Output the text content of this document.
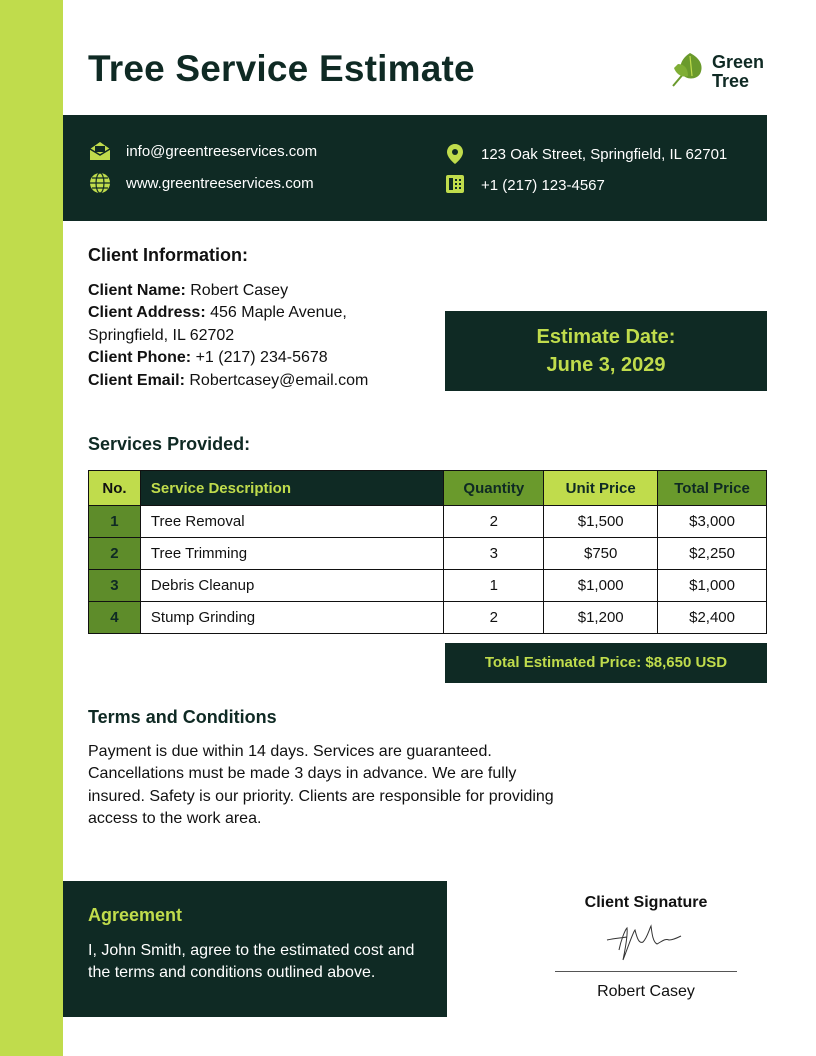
Tree Service Estimate	Green
Tree
info@greentreeservices.com
www.greentreeservices.com
123 Oak Street, Springfield, IL 62701
+1 (217) 123-4567
Client Information:
Client Name: Robert Casey
Client Address: 456 Maple Avenue, Springfield, IL 62702
Client Phone: +1 (217) 234-5678
Client Email: Robertcasey@email.com
Estimate Date:
June 3, 2029
Services Provided:
No.	Service Description	Quantity	Unit Price	Total Price
1	Tree Removal	2	$1,500	$3,000
2	Tree Trimming	3	$750	$2,250
3	Debris Cleanup	1	$1,000	$1,000
4	Stump Grinding	2	$1,200	$2,400
Total Estimated Price: $8,650 USD
Terms and Conditions
Payment is due within 14 days. Services are guaranteed. Cancellations must be made 3 days in advance. We are fully insured. Safety is our priority. Clients are responsible for providing access to the work area.
Agreement
I, John Smith, agree to the estimated cost and the terms and conditions outlined above.
Client Signature
Robert Casey
